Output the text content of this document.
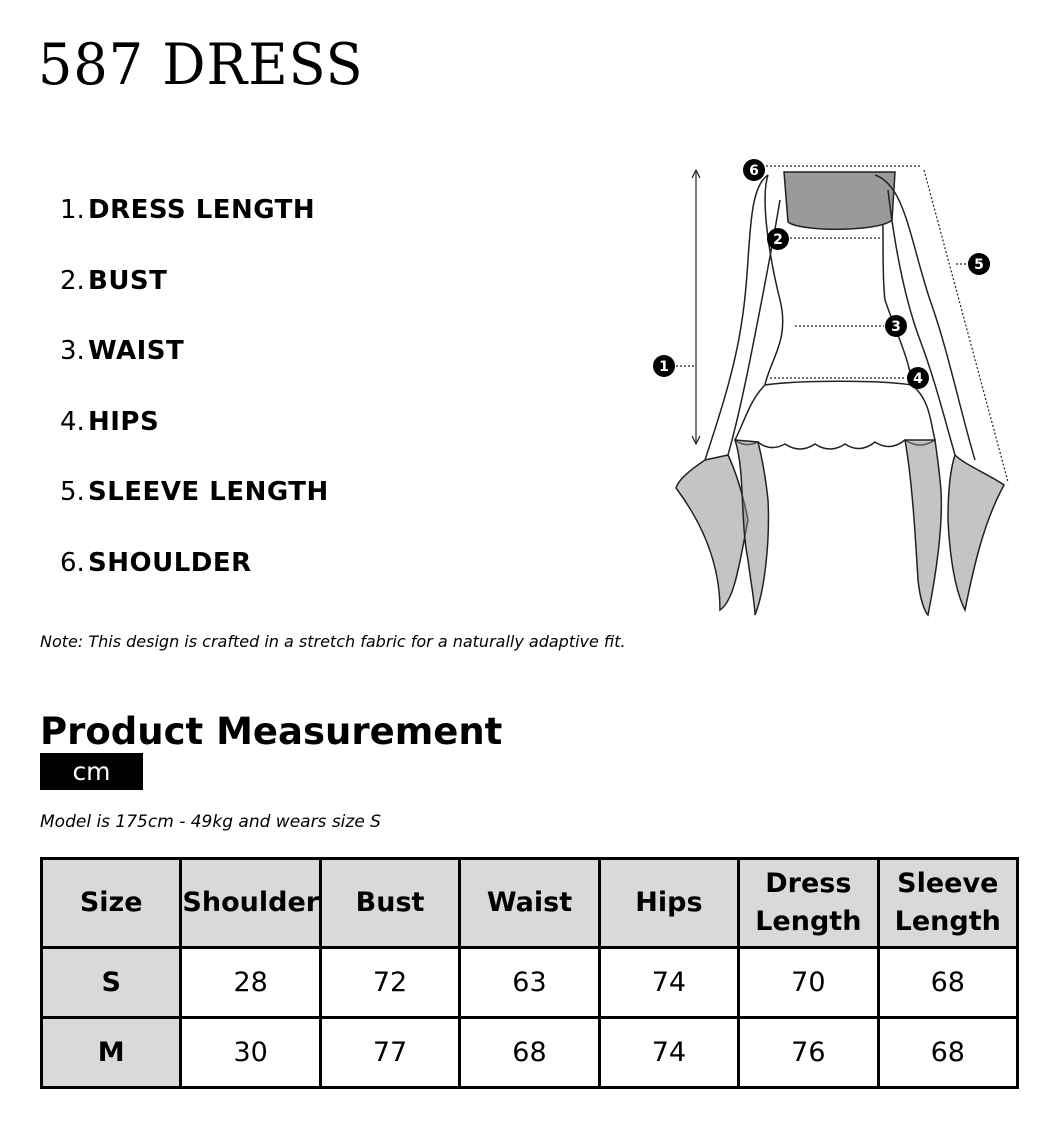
587 DRESS
1. DRESS LENGTH
2. BUST
3. WAIST
4. HIPS
5. SLEEVE LENGTH
6. SHOULDER
1
2
3
4
5
6
Note: This design is crafted in a stretch fabric for a naturally adaptive fit.
Product Measurement
cm
Model is 175cm - 49kg and wears size S
Size	Shoulder	Bust	Waist	Hips	Dress Length	Sleeve Length
S	28	72	63	74	70	68
M	30	77	68	74	76	68
